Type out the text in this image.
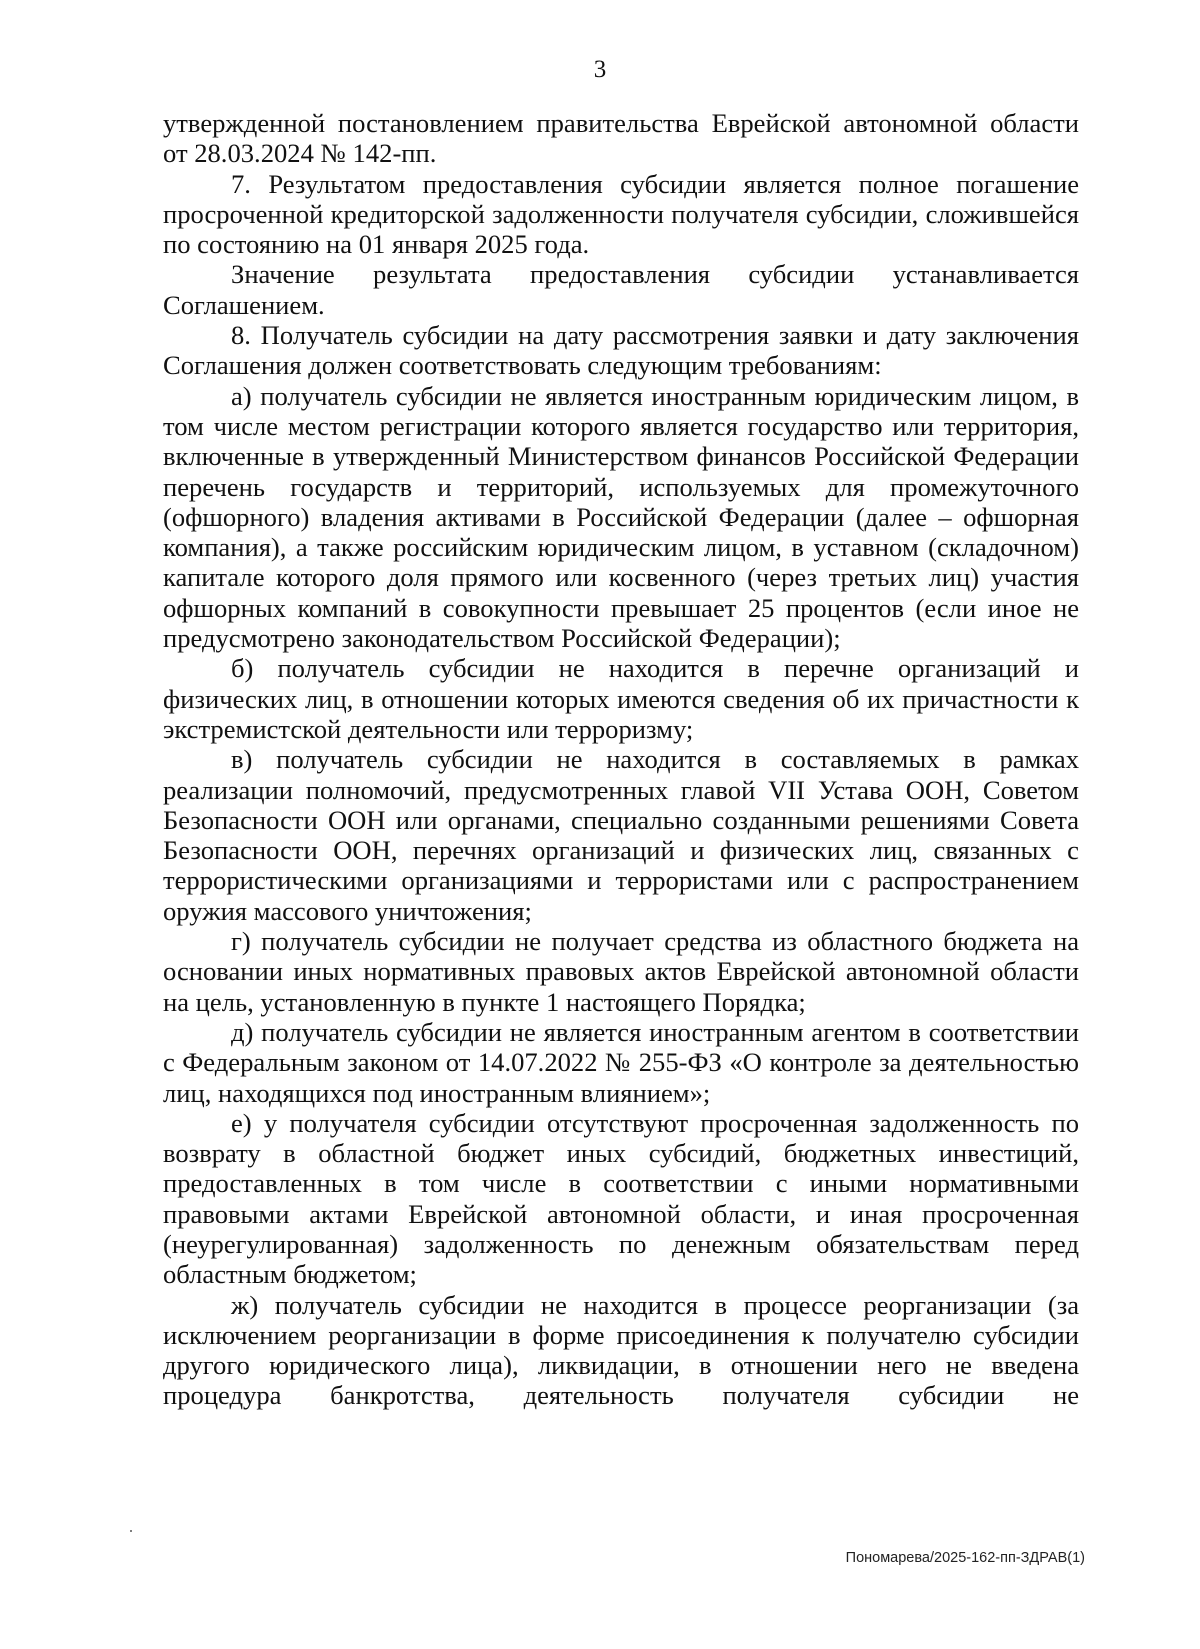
3

утвержденной постановлением правительства Еврейской автономной области от 28.03.2024 № 142-пп.

7. Результатом предоставления субсидии является полное погашение просроченной кредиторской задолженности получателя субсидии, сложившейся по состоянию на 01 января 2025 года.

Значение результата предоставления субсидии устанавливается Соглашением.

8. Получатель субсидии на дату рассмотрения заявки и дату заключения Соглашения должен соответствовать следующим требованиям:

а) получатель субсидии не является иностранным юридическим лицом, в том числе местом регистрации которого является государство или территория, включенные в утвержденный Министерством финансов Российской Федерации перечень государств и территорий, используемых для промежуточного (офшорного) владения активами в Российской Федерации (далее – офшорная компания), а также российским юридическим лицом, в уставном (складочном) капитале которого доля прямого или косвенного (через третьих лиц) участия офшорных компаний в совокупности превышает 25 процентов (если иное не предусмотрено законодательством Российской Федерации);

б) получатель субсидии не находится в перечне организаций и физических лиц, в отношении которых имеются сведения об их причастности к экстремистской деятельности или терроризму;

в) получатель субсидии не находится в составляемых в рамках реализации полномочий, предусмотренных главой VII Устава ООН, Советом Безопасности ООН или органами, специально созданными решениями Совета Безопасности ООН, перечнях организаций и физических лиц, связанных с террористическими организациями и террористами или с распространением оружия массового уничтожения;

г) получатель субсидии не получает средства из областного бюджета на основании иных нормативных правовых актов Еврейской автономной области на цель, установленную в пункте 1 настоящего Порядка;

д) получатель субсидии не является иностранным агентом в соответствии с Федеральным законом от 14.07.2022 № 255-ФЗ «О контроле за деятельностью лиц, находящихся под иностранным влиянием»;

е) у получателя субсидии отсутствуют просроченная задолженность по возврату в областной бюджет иных субсидий, бюджетных инвестиций, предоставленных в том числе в соответствии с иными нормативными правовыми актами Еврейской автономной области, и иная просроченная (неурегулированная) задолженность по денежным обязательствам перед областным бюджетом;

ж) получатель субсидии не находится в процессе реорганизации (за исключением реорганизации в форме присоединения к получателю субсидии другого юридического лица), ликвидации, в отношении него не введена процедура банкротства, деятельность получателя субсидии не

Пономарева/2025-162-пп-ЗДРАВ(1)
